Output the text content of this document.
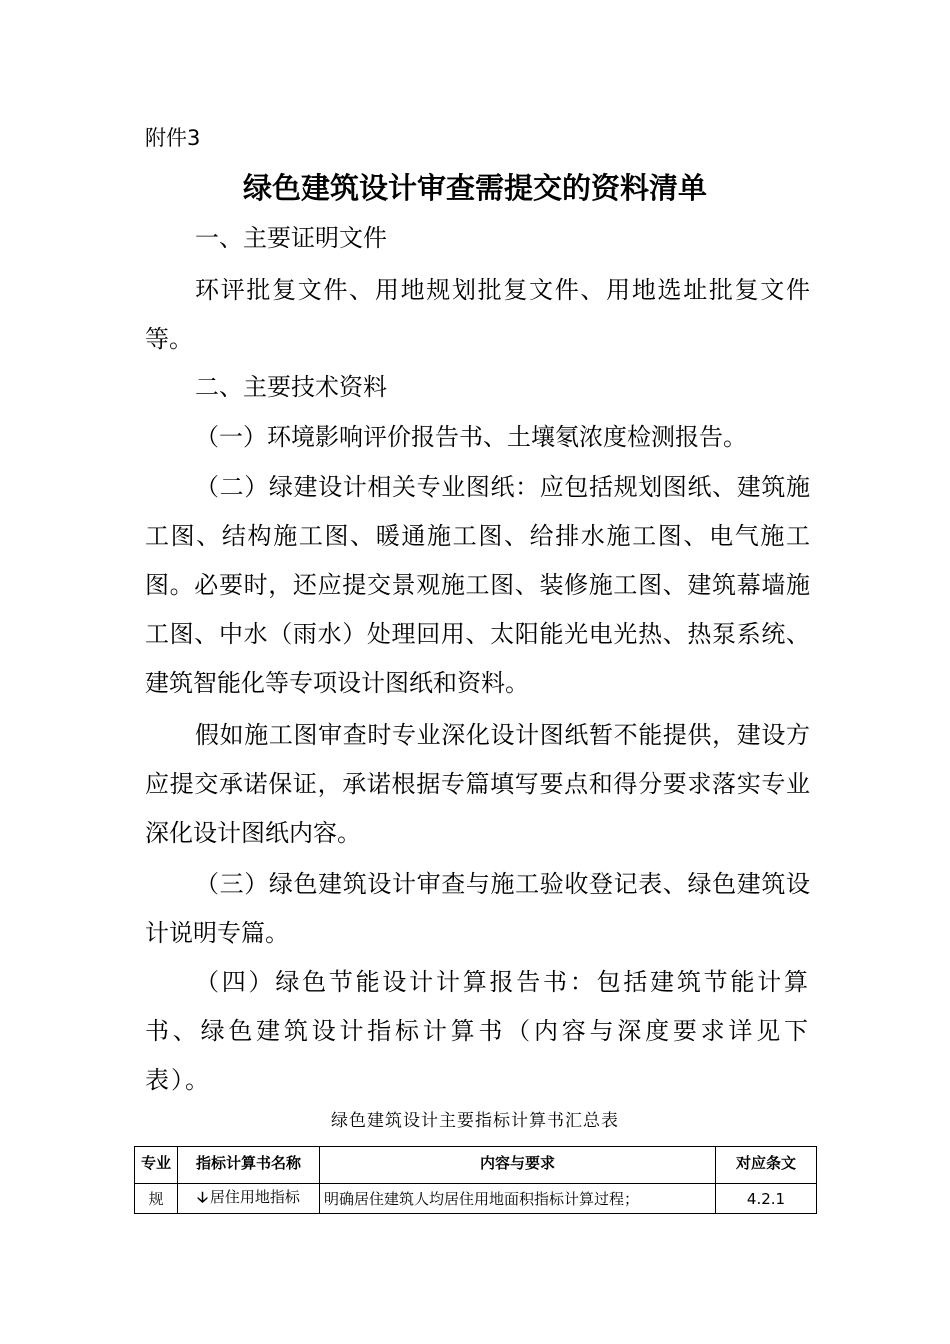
附件3
绿色建筑设计审查需提交的资料清单

一、主要证明文件

环评批复文件、用地规划批复文件、用地选址批复文件等。

二、主要技术资料

（一）环境影响评价报告书、土壤氡浓度检测报告。

（二）绿建设计相关专业图纸：应包括规划图纸、建筑施工图、结构施工图、暖通施工图、给排水施工图、电气施工图。必要时，还应提交景观施工图、装修施工图、建筑幕墙施工图、中水（雨水）处理回用、太阳能光电光热、热泵系统、建筑智能化等专项设计图纸和资料。

假如施工图审查时专业深化设计图纸暂不能提供，建设方应提交承诺保证，承诺根据专篇填写要点和得分要求落实专业深化设计图纸内容。

（三）绿色建筑设计审查与施工验收登记表、绿色建筑设计说明专篇。

（四）绿色节能设计计算报告书：包括建筑节能计算书、绿色建筑设计指标计算书（内容与深度要求详见下表）。

绿色建筑设计主要指标计算书汇总表
专业	指标计算书名称	内容与要求	对应条文
规	🡣 居住用地指标	明确居住建筑人均居住用地面积指标计算过程；	4.2.1
